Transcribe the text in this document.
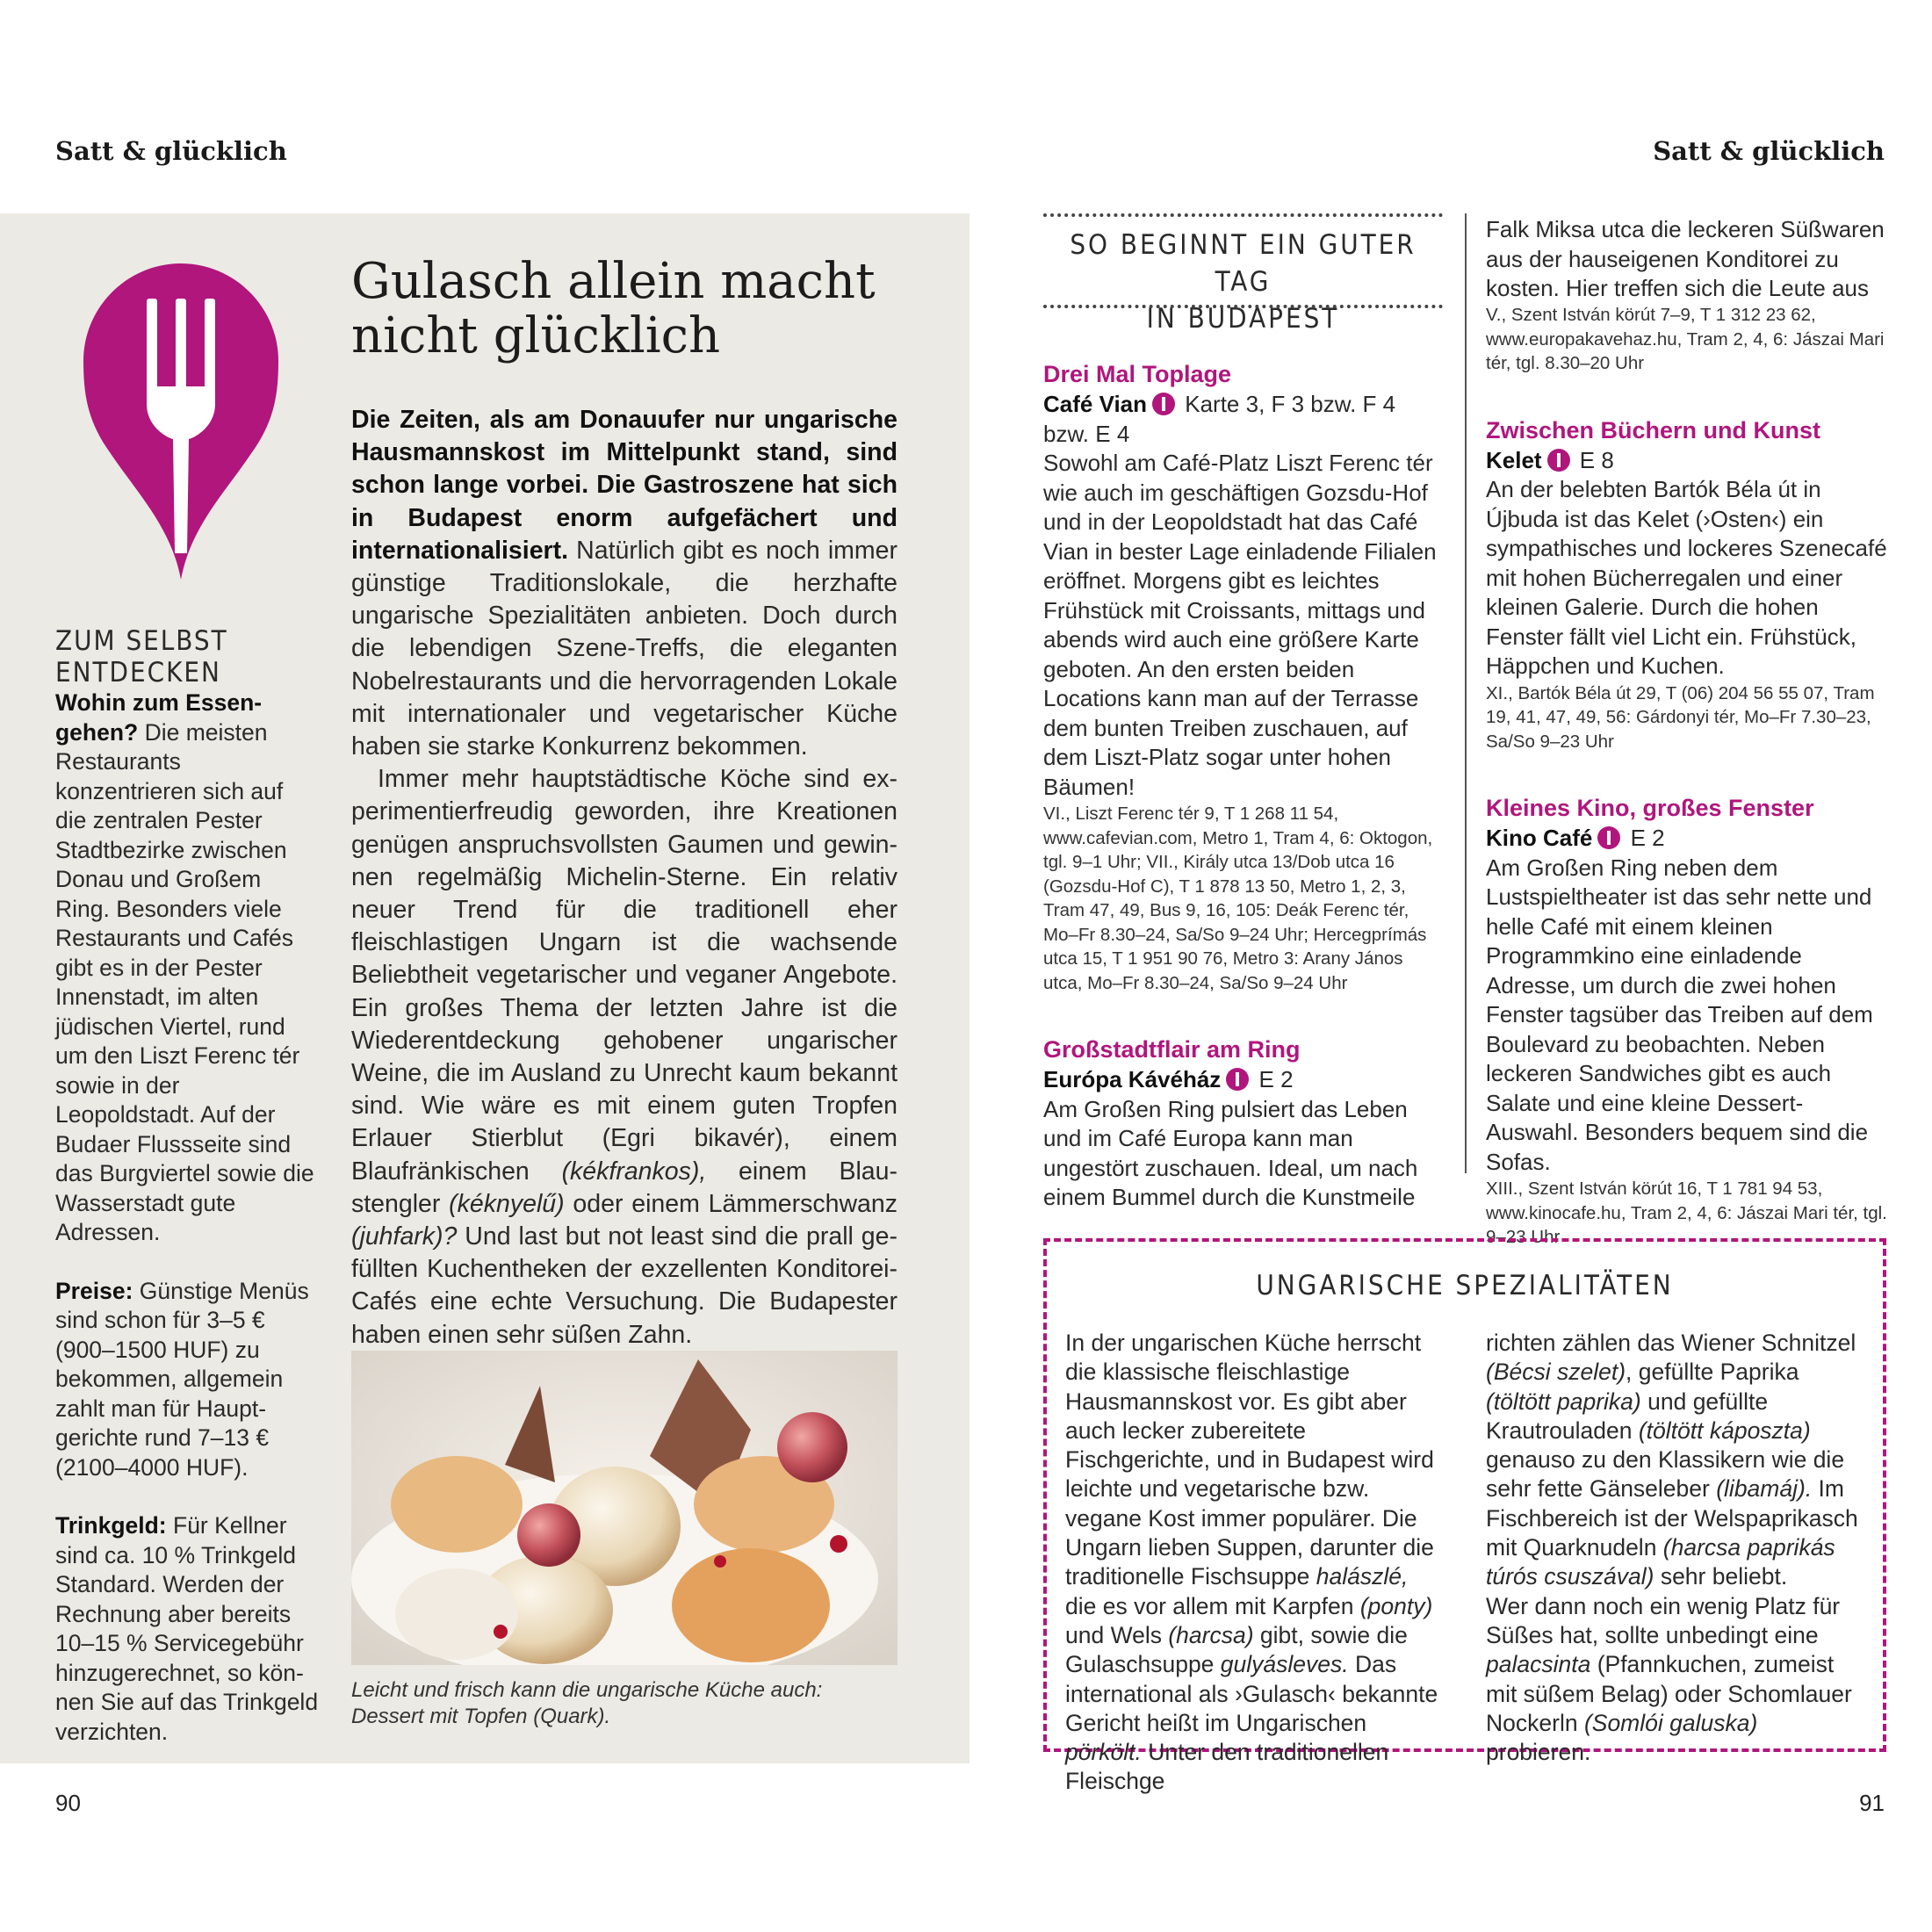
Satt & glücklich	Satt & glücklich
ZUM SELBST ENTDECKEN

Wohin zum Essengehen? Die meisten Restaurants konzentrieren sich auf die zentralen Pester Stadtbezirke zwischen Donau und Großem Ring. Besonders viele Restaurants und Cafés gibt es in der Pester Innenstadt, im alten jüdischen Viertel, rund um den Liszt Ferenc tér sowie in der Leopoldstadt. Auf der Budaer Flussseite sind das Burgviertel sowie die Wasserstadt gute Adressen.

Preise: Günstige Menüs sind schon für 3–5 € (900–1500 HUF) zu bekommen, allgemein zahlt man für Hauptgerichte rund 7–13 € (2100–4000 HUF).

Trinkgeld: Für Kellner sind ca. 10 % Trinkgeld Standard. Werden der Rechnung aber bereits 10–15 % Servicegebühr hinzugerechnet, so können Sie auf das Trinkgeld verzichten.

Gulasch allein macht nicht glücklich

Die Zeiten, als am Donauufer nur ungarische Hausmannskost im Mittelpunkt stand, sind schon lange vorbei. Die Gastroszene hat sich in Budapest enorm aufgefächert und internationalisiert. Natürlich gibt es noch immer günstige Traditionslokale, die herzhafte ungarische Spezialitäten anbieten. Doch durch die lebendigen Szene-Treffs, die eleganten Nobelrestaurants und die hervorragenden Lokale mit internationaler und vegetarischer Küche haben sie starke Konkurrenz bekommen.

Immer mehr hauptstädtische Köche sind experimentierfreudig geworden, ihre Kreationen genügen anspruchsvollsten Gaumen und gewinnen regelmäßig Michelin-Sterne. Ein relativ neuer Trend für die traditionell eher fleischlastigen Ungarn ist die wachsende Beliebtheit vegetarischer und veganer Angebote. Ein großes Thema der letzten Jahre ist die Wiederentdeckung gehobener ungarischer Weine, die im Ausland zu Unrecht kaum bekannt sind. Wie wäre es mit einem guten Tropfen Erlauer Stierblut (Egri bikavér), einem Blaufränkischen (kékfrankos), einem Blaustengler (kéknyelű) oder einem Lämmerschwanz (juhfark)? Und last but not least sind die prall gefüllten Kuchentheken der exzellenten Konditorei-Cafés eine echte Versuchung. Die Budapester haben einen sehr süßen Zahn.

Leicht und frisch kann die ungarische Küche auch: Dessert mit Topfen (Quark).
90
SO BEGINNT EIN GUTER TAG
IN BUDAPEST
Drei Mal Toplage
Café Vian Karte 3, F 3 bzw. F 4 bzw. E 4
Sowohl am Café-Platz Liszt Ferenc tér wie auch im geschäftigen Gozsdu-Hof und in der Leopoldstadt hat das Café Vian in bester Lage einladende Filialen eröffnet. Morgens gibt es leichtes Frühstück mit Croissants, mittags und abends wird auch eine größere Karte geboten. An den ersten beiden Locations kann man auf der Terrasse dem bunten Treiben zuschauen, auf dem Liszt-Platz sogar unter hohen Bäumen!
VI., Liszt Ferenc tér 9, T 1 268 11 54, www.cafevian.com, Metro 1, Tram 4, 6: Oktogon, tgl. 9–1 Uhr; VII., Király utca 13/Dob utca 16 (Gozsdu-Hof C), T 1 878 13 50, Metro 1, 2, 3, Tram 47, 49, Bus 9, 16, 105: Deák Ferenc tér, Mo–Fr 8.30–24, Sa/So 9–24 Uhr; Hercegprímás utca 15, T 1 951 90 76, Metro 3: Arany János utca, Mo–Fr 8.30–24, Sa/So 9–24 Uhr
Großstadtflair am Ring
Európa Kávéház E 2
Am Großen Ring pulsiert das Leben und im Café Europa kann man ungestört zuschauen. Ideal, um nach einem Bummel durch die Kunstmeile
Falk Miksa utca die leckeren Süßwaren aus der hauseigenen Konditorei zu kosten. Hier treffen sich die Leute aus
V., Szent István körút 7–9, T 1 312 23 62, www.europakavehaz.hu, Tram 2, 4, 6: Jászai Mari tér, tgl. 8.30–20 Uhr
Zwischen Büchern und Kunst
Kelet E 8
An der belebten Bartók Béla út in Újbuda ist das Kelet (›Osten‹) ein sympathisches und lockeres Szenecafé mit hohen Bücherregalen und einer kleinen Galerie. Durch die hohen Fenster fällt viel Licht ein. Frühstück, Häppchen und Kuchen.
XI., Bartók Béla út 29, T (06) 204 56 55 07, Tram 19, 41, 47, 49, 56: Gárdonyi tér, Mo–Fr 7.30–23, Sa/So 9–23 Uhr
Kleines Kino, großes Fenster
Kino Café E 2
Am Großen Ring neben dem Lustspieltheater ist das sehr nette und helle Café mit einem kleinen Programmkino eine einladende Adresse, um durch die zwei hohen Fenster tagsüber das Treiben auf dem Boulevard zu beobachten. Neben leckeren Sandwiches gibt es auch Salate und eine kleine Dessert-Auswahl. Besonders bequem sind die Sofas.
XIII., Szent István körút 16, T 1 781 94 53, www.kinocafe.hu, Tram 2, 4, 6: Jászai Mari tér, tgl. 9–23 Uhr
UNGARISCHE SPEZIALITÄTEN
In der ungarischen Küche herrscht die klassische fleischlastige Hausmannskost vor. Es gibt aber auch lecker zubereitete Fischgerichte, und in Budapest wird leichte und vegetarische bzw. vegane Kost immer populärer. Die Ungarn lieben Suppen, darunter die traditionelle Fischsuppe halászlé, die es vor allem mit Karpfen (ponty) und Wels (harcsa) gibt, sowie die Gulaschsuppe gulyásleves. Das international als ›Gulasch‹ bekannte Gericht heißt im Ungarischen pörkölt. Unter den traditionellen Fleischge
richten zählen das Wiener Schnitzel (Bécsi szelet), gefüllte Paprika (töltött paprika) und gefüllte Krautrouladen (töltött káposzta) genauso zu den Klassikern wie die sehr fette Gänseleber (libamáj). Im Fischbereich ist der Welspaprikasch mit Quarknudeln (harcsa paprikás túrós csuszával) sehr beliebt.
Wer dann noch ein wenig Platz für Süßes hat, sollte unbedingt eine palacsinta (Pfannkuchen, zumeist mit süßem Belag) oder Schomlauer Nockerln (Somlói galuska) probieren.
91
